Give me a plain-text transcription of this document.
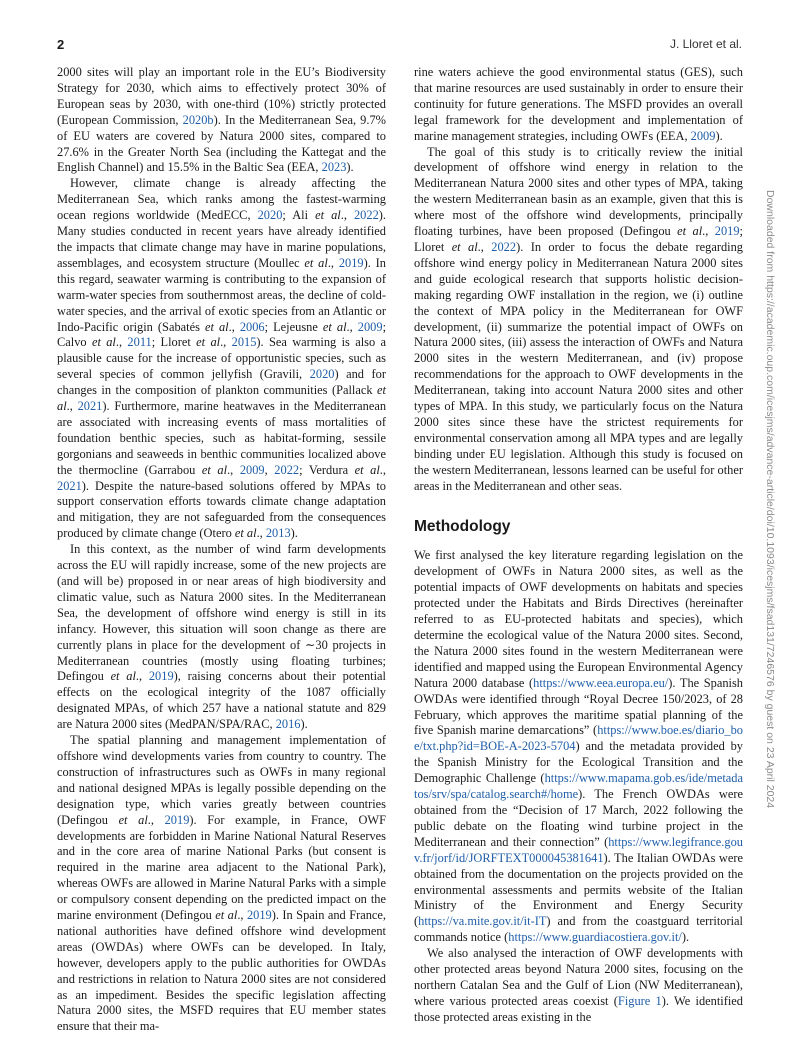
2	J. Lloret et al.

2000 sites will play an important role in the EU’s Biodiversity Strategy for 2030, which aims to effectively protect 30% of European seas by 2030, with one-third (10%) strictly protected (European Commission, 2020b). In the Mediterranean Sea, 9.7% of EU waters are covered by Natura 2000 sites, compared to 27.6% in the Greater North Sea (including the Kattegat and the English Channel) and 15.5% in the Baltic Sea (EEA, 2023).

However, climate change is already affecting the Mediterranean Sea, which ranks among the fastest-warming ocean regions worldwide (MedECC, 2020; Ali et al., 2022). Many studies conducted in recent years have already identified the impacts that climate change may have in marine populations, assemblages, and ecosystem structure (Moullec et al., 2019). In this regard, seawater warming is contributing to the expansion of warm-water species from southernmost areas, the decline of cold-water species, and the arrival of exotic species from an Atlantic or Indo-Pacific origin (Sabatés et al., 2006; Lejeusne et al., 2009; Calvo et al., 2011; Lloret et al., 2015). Sea warming is also a plausible cause for the increase of opportunistic species, such as several species of common jellyfish (Gravili, 2020) and for changes in the composition of plankton communities (Pallack et al., 2021). Furthermore, marine heatwaves in the Mediterranean are associated with increasing events of mass mortalities of foundation benthic species, such as habitat-forming, sessile gorgonians and seaweeds in benthic communities localized above the thermocline (Garrabou et al., 2009, 2022; Verdura et al., 2021). Despite the nature-based solutions offered by MPAs to support conservation efforts towards climate change adaptation and mitigation, they are not safeguarded from the consequences produced by climate change (Otero et al., 2013).

In this context, as the number of wind farm developments across the EU will rapidly increase, some of the new projects are (and will be) proposed in or near areas of high biodiversity and climatic value, such as Natura 2000 sites. In the Mediterranean Sea, the development of offshore wind energy is still in its infancy. However, this situation will soon change as there are currently plans in place for the development of ∼30 projects in Mediterranean countries (mostly using floating turbines; Defingou et al., 2019), raising concerns about their potential effects on the ecological integrity of the 1087 officially designated MPAs, of which 257 have a national statute and 829 are Natura 2000 sites (MedPAN/SPA/RAC, 2016).

The spatial planning and management implementation of offshore wind developments varies from country to country. The construction of infrastructures such as OWFs in many regional and national designed MPAs is legally possible depending on the designation type, which varies greatly between countries (Defingou et al., 2019). For example, in France, OWF developments are forbidden in Marine National Natural Reserves and in the core area of marine National Parks (but consent is required in the marine area adjacent to the National Park), whereas OWFs are allowed in Marine Natural Parks with a simple or compulsory consent depending on the predicted impact on the marine environment (Defingou et al., 2019). In Spain and France, national authorities have defined offshore wind development areas (OWDAs) where OWFs can be developed. In Italy, however, developers apply to the public authorities for OWDAs and restrictions in relation to Natura 2000 sites are not considered as an impediment. Besides the specific legislation affecting Natura 2000 sites, the MSFD requires that EU member states ensure that their ma-

rine waters achieve the good environmental status (GES), such that marine resources are used sustainably in order to ensure their continuity for future generations. The MSFD provides an overall legal framework for the development and implementation of marine management strategies, including OWFs (EEA, 2009).

The goal of this study is to critically review the initial development of offshore wind energy in relation to the Mediterranean Natura 2000 sites and other types of MPA, taking the western Mediterranean basin as an example, given that this is where most of the offshore wind developments, principally floating turbines, have been proposed (Defingou et al., 2019; Lloret et al., 2022). In order to focus the debate regarding offshore wind energy policy in Mediterranean Natura 2000 sites and guide ecological research that supports holistic decision-making regarding OWF installation in the region, we (i) outline the context of MPA policy in the Mediterranean for OWF development, (ii) summarize the potential impact of OWFs on Natura 2000 sites, (iii) assess the interaction of OWFs and Natura 2000 sites in the western Mediterranean, and (iv) propose recommendations for the approach to OWF developments in the Mediterranean, taking into account Natura 2000 sites and other types of MPA. In this study, we particularly focus on the Natura 2000 sites since these have the strictest requirements for environmental conservation among all MPA types and are legally binding under EU legislation. Although this study is focused on the western Mediterranean, lessons learned can be useful for other areas in the Mediterranean and other seas.

Methodology

We first analysed the key literature regarding legislation on the development of OWFs in Natura 2000 sites, as well as the potential impacts of OWF developments on habitats and species protected under the Habitats and Birds Directives (hereinafter referred to as EU-protected habitats and species), which determine the ecological value of the Natura 2000 sites. Second, the Natura 2000 sites found in the western Mediterranean were identified and mapped using the European Environmental Agency Natura 2000 database (https://www.eea.europa.eu/). The Spanish OWDAs were identified through “Royal Decree 150/2023, of 28 February, which approves the maritime spatial planning of the five Spanish marine demarcations” (https://www.boe.es/diario_boe/txt.php?id=BOE-A-2023-5704) and the metadata provided by the Spanish Ministry for the Ecological Transition and the Demographic Challenge (https://www.mapama.gob.es/ide/metadatos/srv/spa/catalog.search#/home). The French OWDAs were obtained from the “Decision of 17 March, 2022 following the public debate on the floating wind turbine project in the Mediterranean and their connection” (https://www.legifrance.gouv.fr/jorf/id/JORFTEXT000045381641). The Italian OWDAs were obtained from the documentation on the projects provided on the environmental assessments and permits website of the Italian Ministry of the Environment and Energy Security (https://va.mite.gov.it/it-IT) and from the coastguard territorial commands notice (https://www.guardiacostiera.gov.it/).

We also analysed the interaction of OWF developments with other protected areas beyond Natura 2000 sites, focusing on the northern Catalan Sea and the Gulf of Lion (NW Mediterranean), where various protected areas coexist (Figure 1). We identified those protected areas existing in the

Downloaded from https://academic.oup.com/icesjms/advance-article/doi/10.1093/icesjms/fsad131/7246576 by guest on 23 April 2024
